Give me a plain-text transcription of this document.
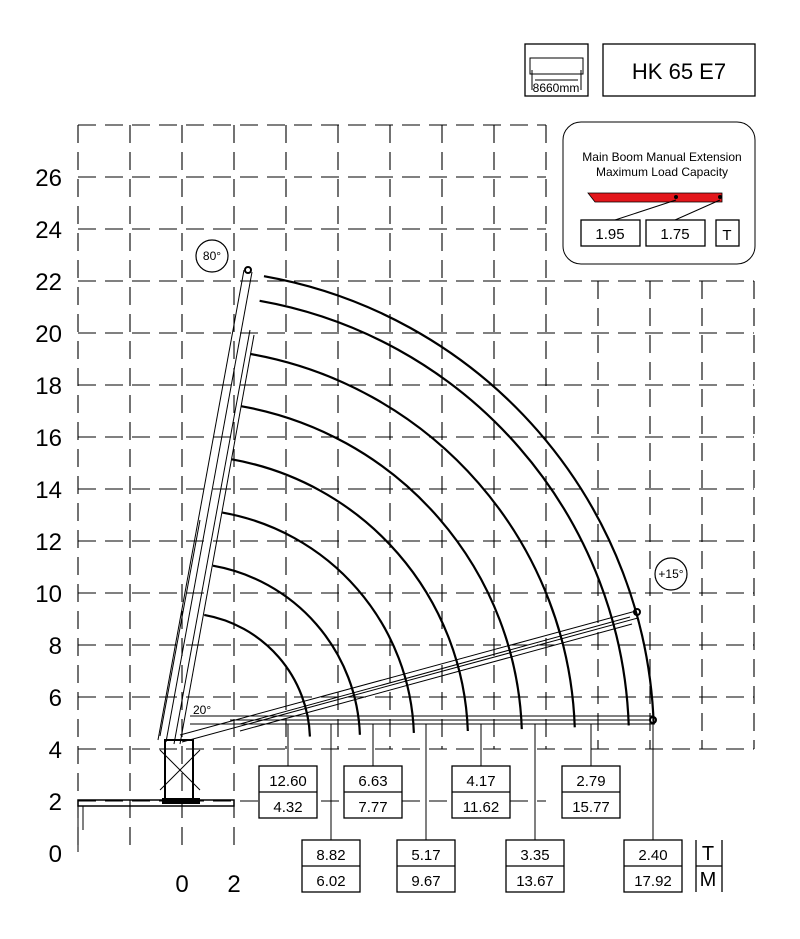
0
2
4
6
8
10
12
14
16
18
20
22
24
26
0 2
80°
+15°
20°
8660mm
HK 65 E7
Main Boom Manual Extension
Maximum Load Capacity
1.95 1.75 T
12.60
4.32
8.82
6.02
6.63
7.77
5.17
9.67
4.17
11.62
3.35
13.67
2.79
15.77
2.40
17.92
T
M
